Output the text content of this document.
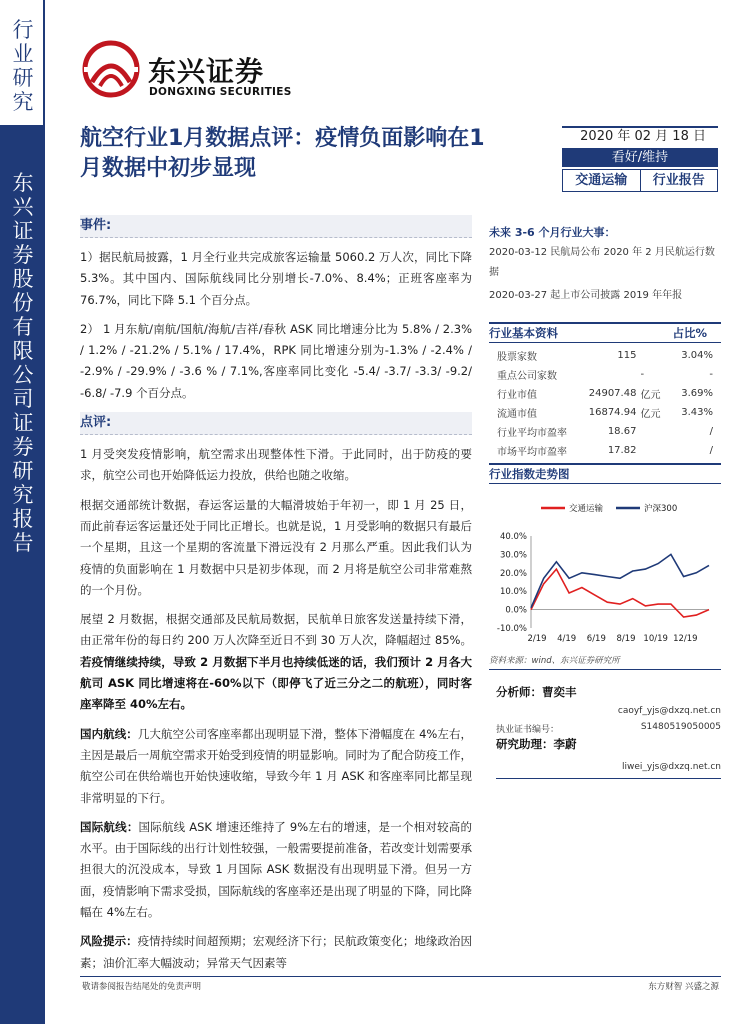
行业研究
东兴证券股份有限公司证券研究报告
东兴证券
DONGXING SECURITIES
航空行业1月数据点评：疫情负面影响在1月数据中初步显现
2020 年 02 月 18 日
看好/维持
交通运输	行业报告
事件:

1）据民航局披露，1 月全行业共完成旅客运输量 5060.2 万人次，同比下降 5.3%。其中国内、国际航线同比分别增长-7.0%、8.4%；正班客座率为 76.7%，同比下降 5.1 个百分点。

2） 1 月东航/南航/国航/海航/吉祥/春秋 ASK 同比增速分比为 5.8% / 2.3% / 1.2% / -21.2% / 5.1% / 17.4%，RPK 同比增速分别为-1.3% / -2.4% / -2.9% / -29.9% / -3.6 % / 7.1%,客座率同比变化 -5.4/ -3.7/ -3.3/ -9.2/ -6.8/ -7.9 个百分点。

点评:

1 月受突发疫情影响，航空需求出现整体性下滑。于此同时，出于防疫的要求，航空公司也开始降低运力投放，供给也随之收缩。

根据交通部统计数据，春运客运量的大幅滑坡始于年初一，即 1 月 25 日，而此前春运客运量还处于同比正增长。也就是说，1 月受影响的数据只有最后一个星期，且这一个星期的客流量下滑远没有 2 月那么严重。因此我们认为疫情的负面影响在 1 月数据中只是初步体现，而 2 月将是航空公司非常难熬的一个月份。

展望 2 月数据，根据交通部及民航局数据，民航单日旅客发送量持续下滑，由正常年份的每日约 200 万人次降至近日不到 30 万人次，降幅超过 85%。若疫情继续持续，导致 2 月数据下半月也持续低迷的话，我们预计 2 月各大航司 ASK 同比增速将在-60%以下（即停飞了近三分之二的航班），同时客座率降至 40%左右。

国内航线：几大航空公司客座率都出现明显下滑，整体下滑幅度在 4%左右，主因是最后一周航空需求开始受到疫情的明显影响。同时为了配合防疫工作，航空公司在供给端也开始快速收缩，导致今年 1 月 ASK 和客座率同比都呈现非常明显的下行。

国际航线：国际航线 ASK 增速还维持了 9%左右的增速，是一个相对较高的水平。由于国际线的出行计划性较强，一般需要提前准备，若改变计划需要承担很大的沉没成本，导致 1 月国际 ASK 数据没有出现明显下滑。但另一方面，疫情影响下需求受损，国际航线的客座率还是出现了明显的下降，同比降幅在 4%左右。

风险提示：疫情持续时间超预期；宏观经济下行；民航政策变化；地缘政治因素；油价汇率大幅波动；异常天气因素等

未来 3-6 个月行业大事：
2020-03-12 民航局公布 2020 年 2 月民航运行数据
2020-03-27 起上市公司披露 2019 年年报
行业基本资料	占比%
股票家数	115		3.04%
重点公司家数		-	-
行业市值	24907.48	亿元	3.69%
流通市值	16874.94	亿元	3.43%
行业平均市盈率	18.67		/
市场平均市盈率	17.82		/
行业指数走势图
交通运输	沪深300
40.0%
30.0%
20.0%
10.0%
0.0%
-10.0%
2/19 4/19 6/19 8/19 10/19 12/19
资料来源：wind、东兴证券研究所
分析师：曹奕丰
caoyf_yjs@dxzq.net.cn
执业证书编号：	S1480519050005
研究助理：李蔚
liwei_yjs@dxzq.net.cn
敬请参阅报告结尾处的免责声明	东方财智 兴盛之源
